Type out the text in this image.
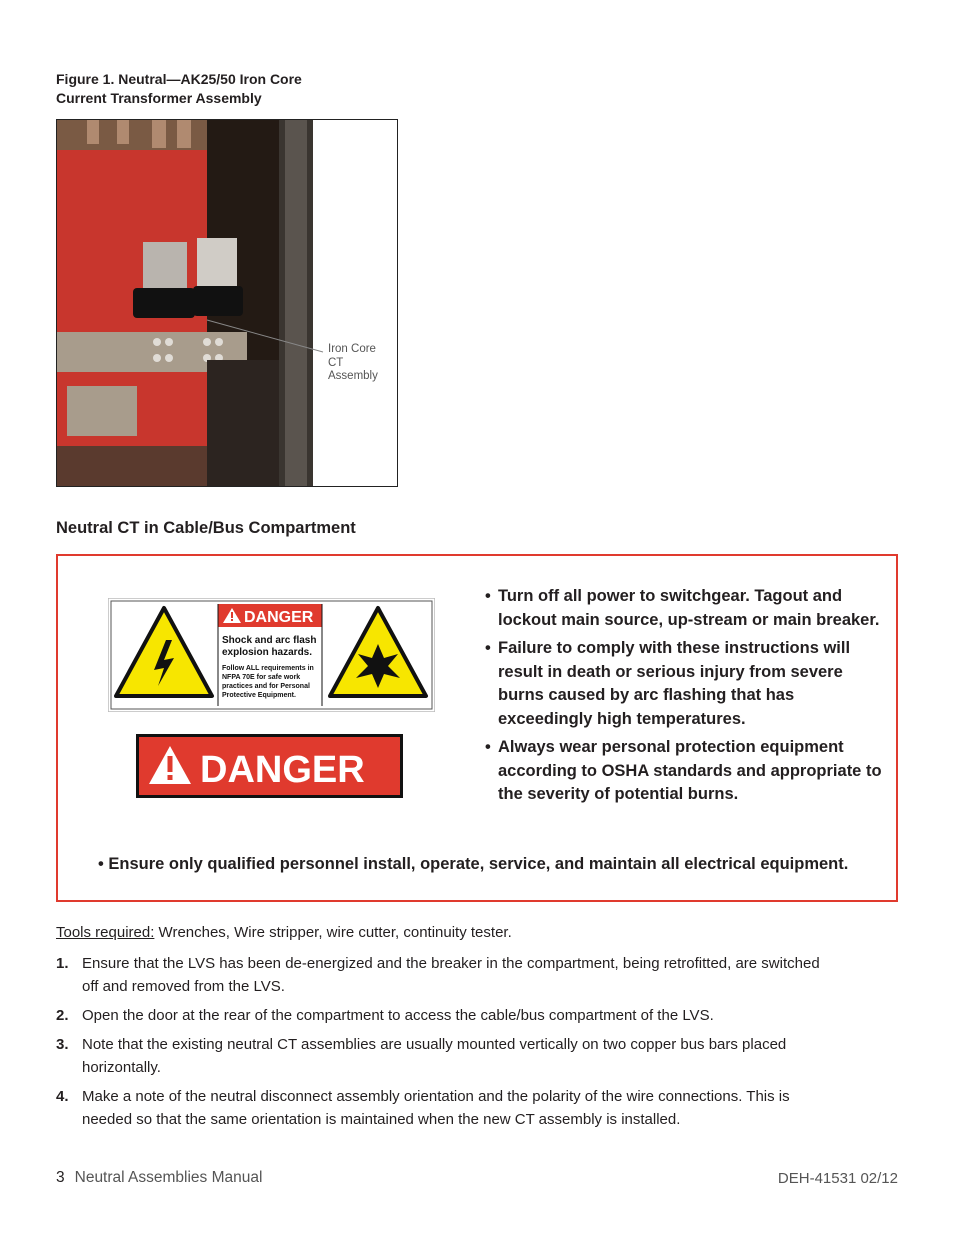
Figure 1. Neutral—AK25/50 Iron Core
Current Transformer Assembly
Iron Core
CT
Assembly
Neutral CT in Cable/Bus Compartment
DANGER
Shock and arc flash
explosion hazards.
Follow ALL requirements in
NFPA 70E for safe work
practices and for Personal
Protective Equipment.
DANGER
• Turn off all power to switchgear. Tagout and lockout main source, up-stream or main breaker.
• Failure to comply with these instructions will result in death or serious injury from severe burns caused by arc flashing that has exceedingly high temperatures.
• Always wear personal protection equipment according to OSHA standards and appropriate to the severity of potential burns.
• Ensure only qualified personnel install, operate, service, and maintain all electrical equipment.
Tools required: Wrenches, Wire stripper, wire cutter, continuity tester.
1. Ensure that the LVS has been de-energized and the breaker in the compartment, being retrofitted, are switched off and removed from the LVS.
2. Open the door at the rear of the compartment to access the cable/bus compartment of the LVS.
3. Note that the existing neutral CT assemblies are usually mounted vertically on two copper bus bars placed horizontally.
4. Make a note of the neutral disconnect assembly orientation and the polarity of the wire connections. This is needed so that the same orientation is maintained when the new CT assembly is installed.
3 Neutral Assemblies Manual	DEH-41531 02/12
